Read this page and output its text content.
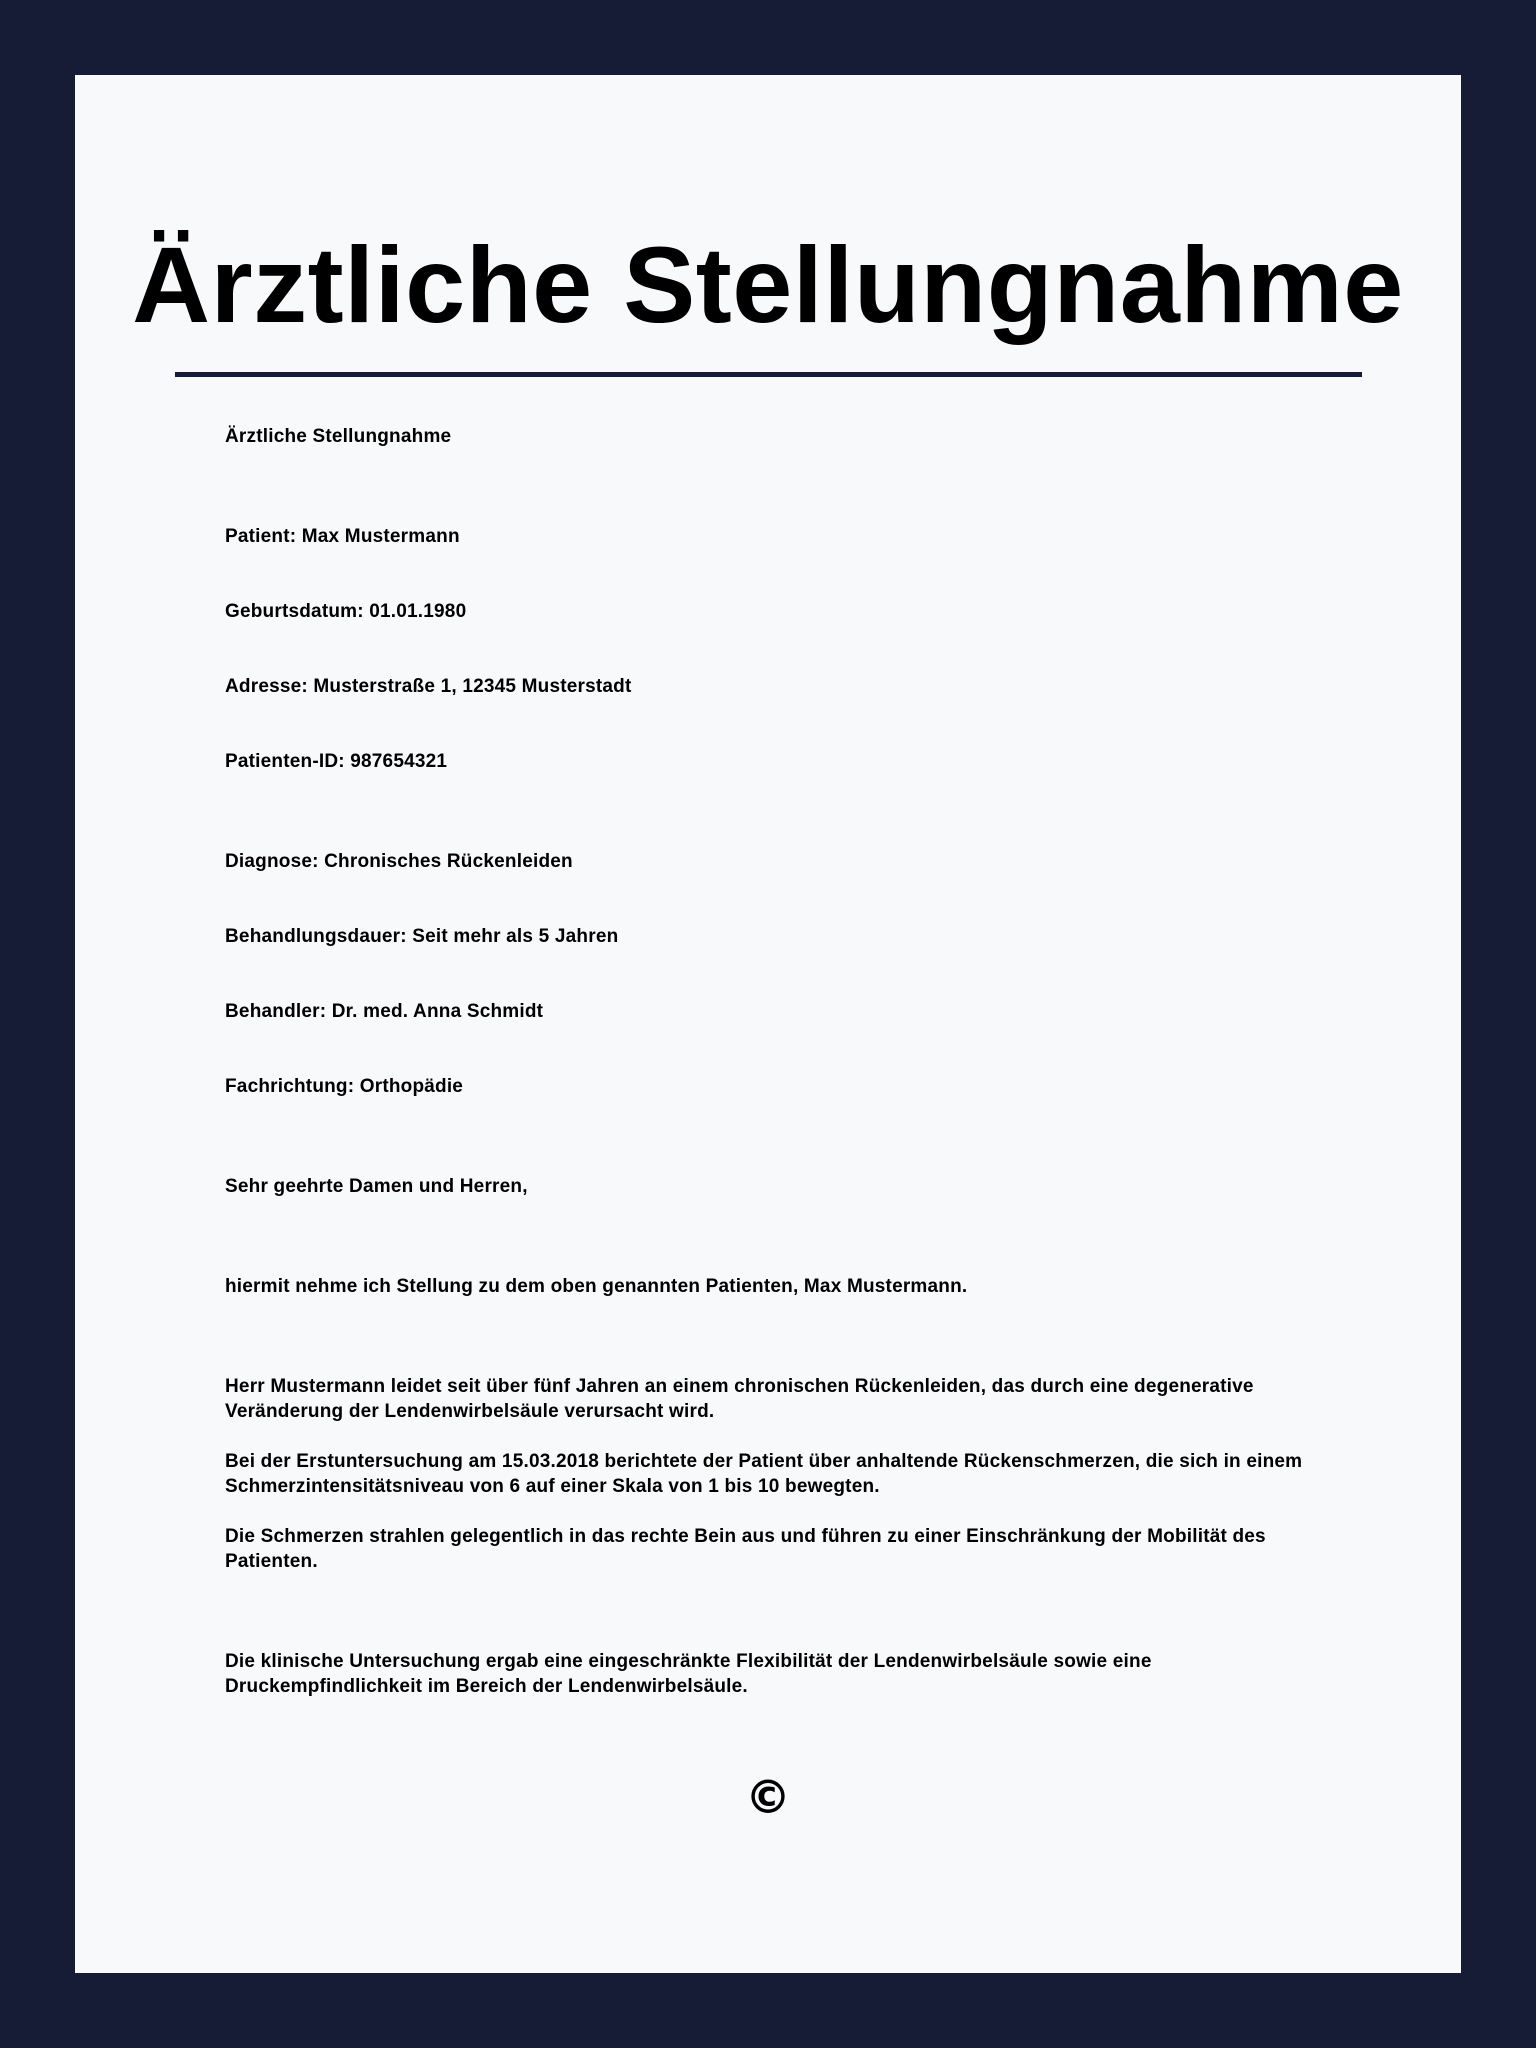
Ärztliche Stellungnahme

Ärztliche Stellungnahme

Patient: Max Mustermann

Geburtsdatum: 01.01.1980

Adresse: Musterstraße 1, 12345 Musterstadt

Patienten-ID: 987654321

Diagnose: Chronisches Rückenleiden

Behandlungsdauer: Seit mehr als 5 Jahren

Behandler: Dr. med. Anna Schmidt

Fachrichtung: Orthopädie

Sehr geehrte Damen und Herren,

hiermit nehme ich Stellung zu dem oben genannten Patienten, Max Mustermann.

Herr Mustermann leidet seit über fünf Jahren an einem chronischen Rückenleiden, das durch eine degenerative Veränderung der Lendenwirbelsäule verursacht wird.

Bei der Erstuntersuchung am 15.03.2018 berichtete der Patient über anhaltende Rückenschmerzen, die sich in einem Schmerzintensitätsniveau von 6 auf einer Skala von 1 bis 10 bewegten.

Die Schmerzen strahlen gelegentlich in das rechte Bein aus und führen zu einer Einschränkung der Mobilität des Patienten.

Die klinische Untersuchung ergab eine eingeschränkte Flexibilität der Lendenwirbelsäule sowie eine Druckempfindlichkeit im Bereich der Lendenwirbelsäule.

©
